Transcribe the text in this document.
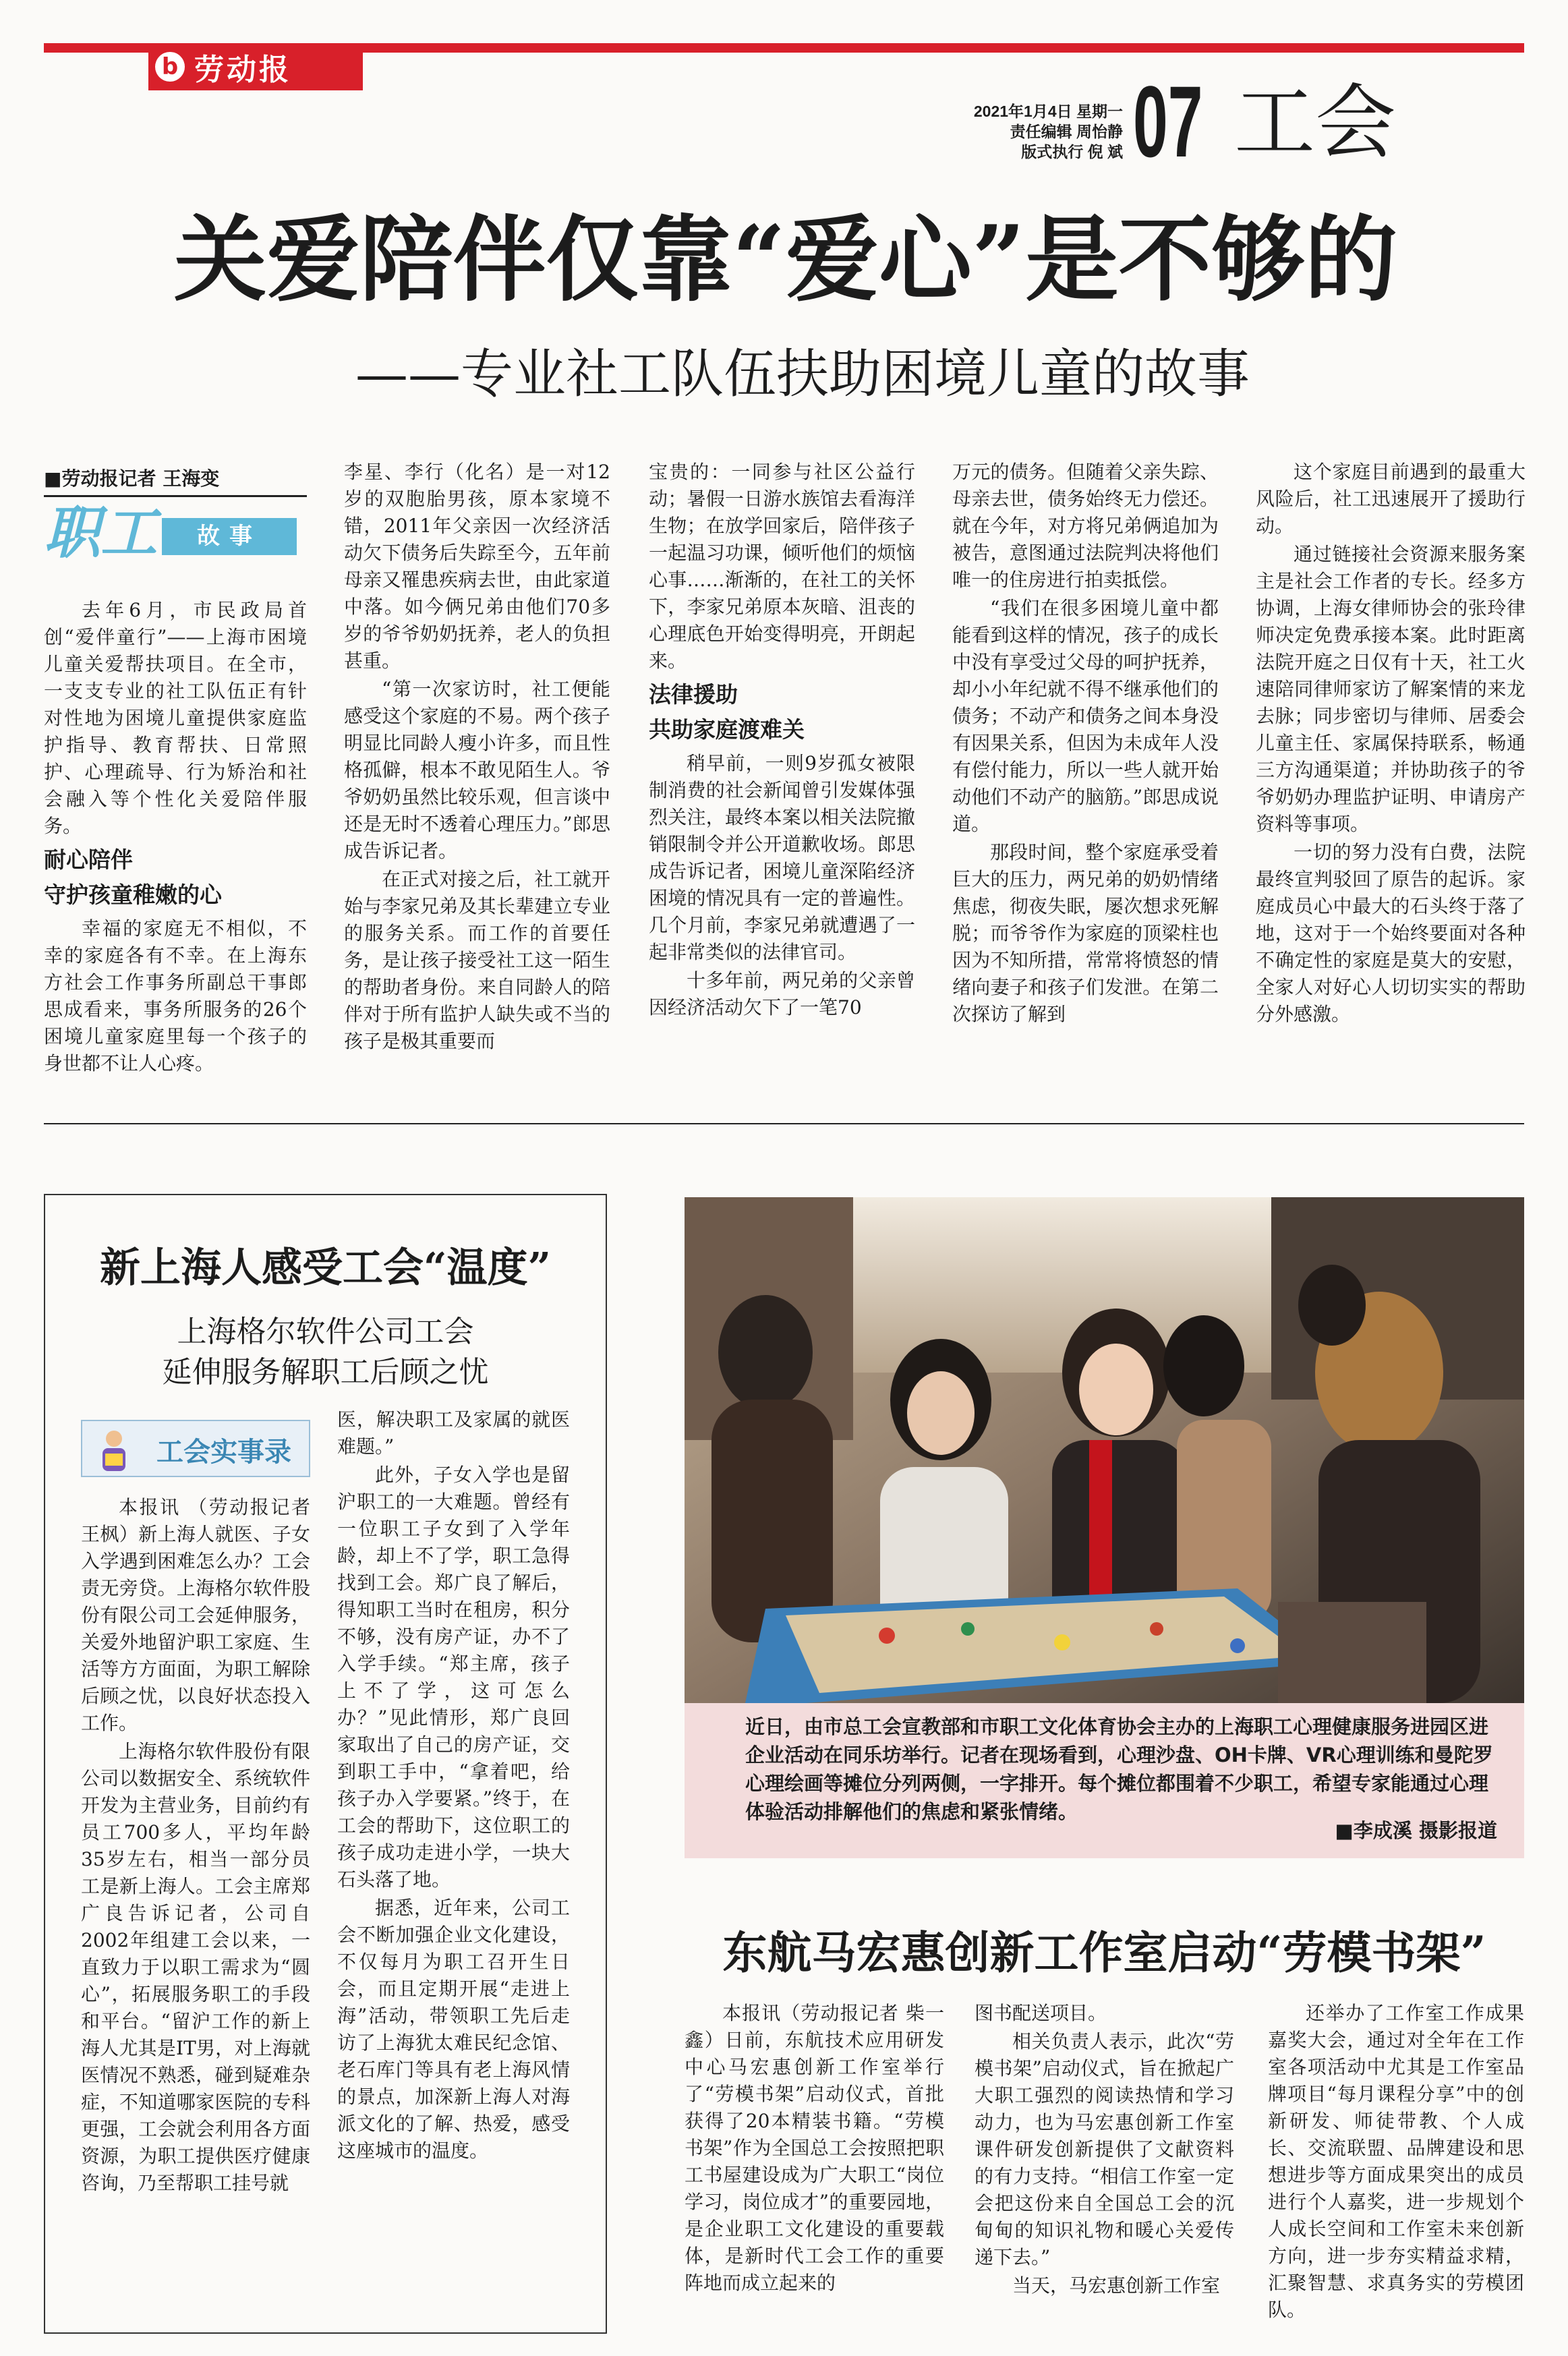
b 劳动报
2021年1月4日 星期一
责任编辑 周怡静
版式执行 倪 斌 07 工会
关爱陪伴仅靠“爱心”是不够的
——专业社工队伍扶助困境儿童的故事
■劳动报记者 王海变
职工	故事

去年6月，市民政局首创“爱伴童行”——上海市困境儿童关爱帮扶项目。在全市，一支支专业的社工队伍正有针对性地为困境儿童提供家庭监护指导、教育帮扶、日常照护、心理疏导、行为矫治和社会融入等个性化关爱陪伴服务。

耐心陪伴
守护孩童稚嫩的心

幸福的家庭无不相似，不幸的家庭各有不幸。在上海东方社会工作事务所副总干事郎思成看来，事务所服务的26个困境儿童家庭里每一个孩子的身世都不让人心疼。

李星、李行（化名）是一对12岁的双胞胎男孩，原本家境不错，2011年父亲因一次经济活动欠下债务后失踪至今，五年前母亲又罹患疾病去世，由此家道中落。如今俩兄弟由他们70多岁的爷爷奶奶抚养，老人的负担甚重。

“第一次家访时，社工便能感受这个家庭的不易。两个孩子明显比同龄人瘦小许多，而且性格孤僻，根本不敢见陌生人。爷爷奶奶虽然比较乐观，但言谈中还是无时不透着心理压力。”郎思成告诉记者。

在正式对接之后，社工就开始与李家兄弟及其长辈建立专业的服务关系。而工作的首要任务，是让孩子接受社工这一陌生的帮助者身份。来自同龄人的陪伴对于所有监护人缺失或不当的孩子是极其重要而

宝贵的：一同参与社区公益行动；暑假一日游水族馆去看海洋生物；在放学回家后，陪伴孩子一起温习功课，倾听他们的烦恼心事……渐渐的，在社工的关怀下，李家兄弟原本灰暗、沮丧的心理底色开始变得明亮，开朗起来。

法律援助
共助家庭渡难关

稍早前，一则9岁孤女被限制消费的社会新闻曾引发媒体强烈关注，最终本案以相关法院撤销限制令并公开道歉收场。郎思成告诉记者，困境儿童深陷经济困境的情况具有一定的普遍性。几个月前，李家兄弟就遭遇了一起非常类似的法律官司。

十多年前，两兄弟的父亲曾因经济活动欠下了一笔70

万元的债务。但随着父亲失踪、母亲去世，债务始终无力偿还。就在今年，对方将兄弟俩追加为被告，意图通过法院判决将他们唯一的住房进行拍卖抵偿。

“我们在很多困境儿童中都能看到这样的情况，孩子的成长中没有享受过父母的呵护抚养，却小小年纪就不得不继承他们的债务；不动产和债务之间本身没有因果关系，但因为未成年人没有偿付能力，所以一些人就开始动他们不动产的脑筋。”郎思成说道。

那段时间，整个家庭承受着巨大的压力，两兄弟的奶奶情绪焦虑，彻夜失眠，屡次想求死解脱；而爷爷作为家庭的顶梁柱也因为不知所措，常常将愤怒的情绪向妻子和孩子们发泄。在第二次探访了解到

这个家庭目前遇到的最重大风险后，社工迅速展开了援助行动。

通过链接社会资源来服务案主是社会工作者的专长。经多方协调，上海女律师协会的张玲律师决定免费承接本案。此时距离法院开庭之日仅有十天，社工火速陪同律师家访了解案情的来龙去脉；同步密切与律师、居委会儿童主任、家属保持联系，畅通三方沟通渠道；并协助孩子的爷爷奶奶办理监护证明、申请房产资料等事项。

一切的努力没有白费，法院最终宣判驳回了原告的起诉。家庭成员心中最大的石头终于落了地，这对于一个始终要面对各种不确定性的家庭是莫大的安慰，全家人对好心人切切实实的帮助分外感激。

新上海人感受工会“温度”
上海格尔软件公司工会
延伸服务解职工后顾之忧
工会实事录

本报讯 （劳动报记者 王枫）新上海人就医、子女入学遇到困难怎么办？工会责无旁贷。上海格尔软件股份有限公司工会延伸服务，关爱外地留沪职工家庭、生活等方方面面，为职工解除后顾之忧，以良好状态投入工作。

上海格尔软件股份有限公司以数据安全、系统软件开发为主营业务，目前约有员工700多人，平均年龄35岁左右，相当一部分员工是新上海人。工会主席郑广良告诉记者，公司自2002年组建工会以来，一直致力于以职工需求为“圆心”，拓展服务职工的手段和平台。“留沪工作的新上海人尤其是IT男，对上海就医情况不熟悉，碰到疑难杂症，不知道哪家医院的专科更强，工会就会利用各方面资源，为职工提供医疗健康咨询，乃至帮职工挂号就

医，解决职工及家属的就医难题。”

此外，子女入学也是留沪职工的一大难题。曾经有一位职工子女到了入学年龄，却上不了学，职工急得找到工会。郑广良了解后，得知职工当时在租房，积分不够，没有房产证，办不了入学手续。“郑主席，孩子上不了学，这可怎么办？”见此情形，郑广良回家取出了自己的房产证，交到职工手中，“拿着吧，给孩子办入学要紧。”终于，在工会的帮助下，这位职工的孩子成功走进小学，一块大石头落了地。

据悉，近年来，公司工会不断加强企业文化建设，不仅每月为职工召开生日会，而且定期开展“走进上海”活动，带领职工先后走访了上海犹太难民纪念馆、老石库门等具有老上海风情的景点，加深新上海人对海派文化的了解、热爱，感受这座城市的温度。

近日，由市总工会宣教部和市职工文化体育协会主办的上海职工心理健康服务进园区进企业活动在同乐坊举行。记者在现场看到，心理沙盘、OH卡牌、VR心理训练和曼陀罗心理绘画等摊位分列两侧，一字排开。每个摊位都围着不少职工，希望专家能通过心理体验活动排解他们的焦虑和紧张情绪。
■李成溪 摄影报道
东航马宏惠创新工作室启动“劳模书架”

本报讯（劳动报记者 柴一鑫）日前，东航技术应用研发中心马宏惠创新工作室举行了“劳模书架”启动仪式，首批获得了20本精装书籍。“劳模书架”作为全国总工会按照把职工书屋建设成为广大职工“岗位学习，岗位成才”的重要园地，是企业职工文化建设的重要载体，是新时代工会工作的重要阵地而成立起来的

图书配送项目。

相关负责人表示，此次“劳模书架”启动仪式，旨在掀起广大职工强烈的阅读热情和学习动力，也为马宏惠创新工作室课件研发创新提供了文献资料的有力支持。“相信工作室一定会把这份来自全国总工会的沉甸甸的知识礼物和暖心关爱传递下去。”

当天，马宏惠创新工作室

还举办了工作室工作成果嘉奖大会，通过对全年在工作室各项活动中尤其是工作室品牌项目“每月课程分享”中的创新研发、师徒带教、个人成长、交流联盟、品牌建设和思想进步等方面成果突出的成员进行个人嘉奖，进一步规划个人成长空间和工作室未来创新方向，进一步夯实精益求精，汇聚智慧、求真务实的劳模团队。
